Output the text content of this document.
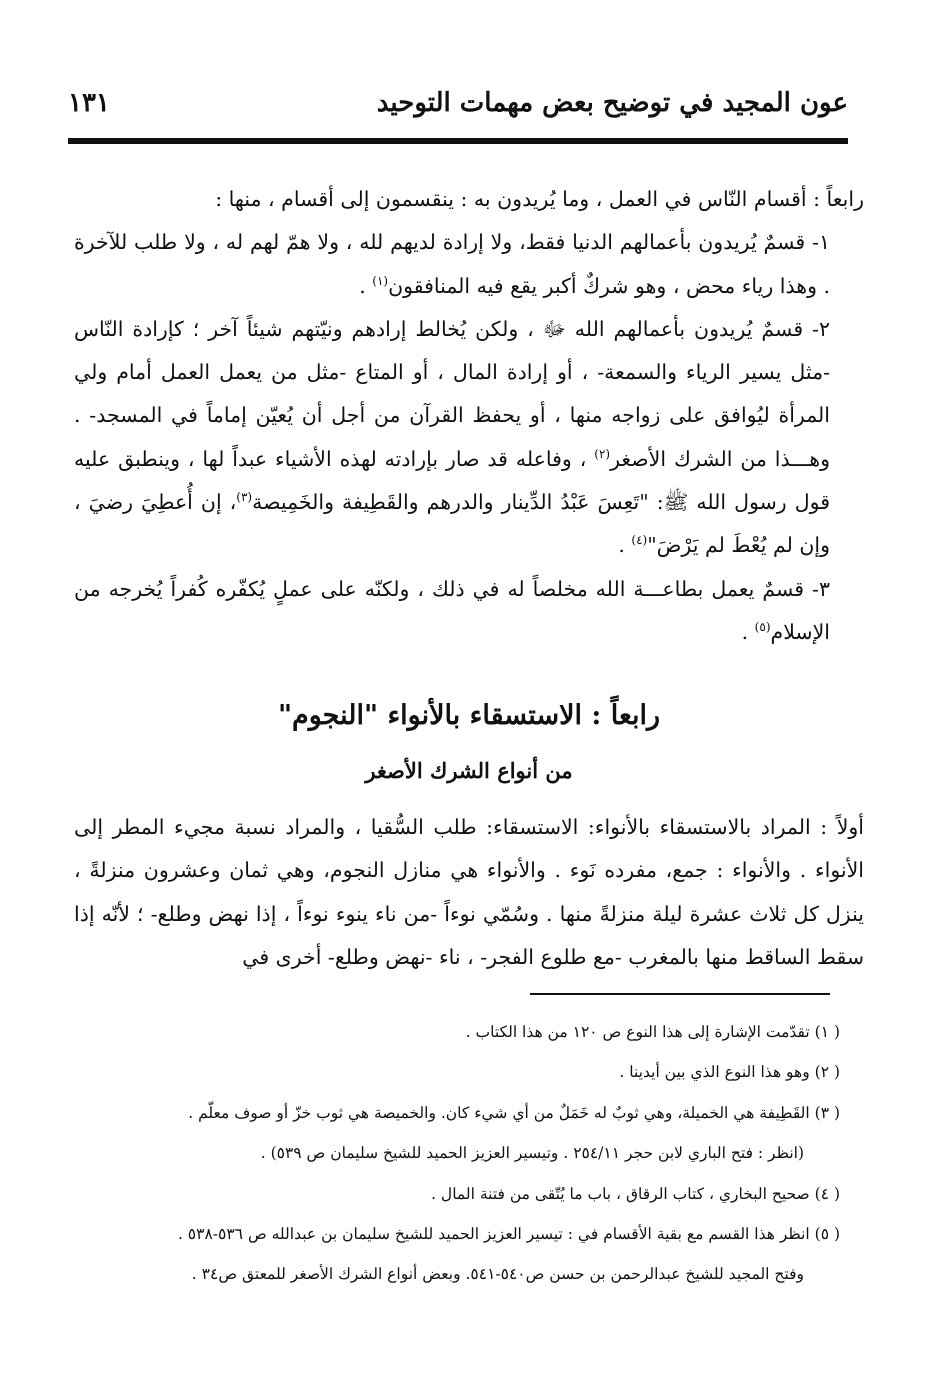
عون المجيد في توضيح بعض مهمات التوحيد
١٣١

رابعاً : أقسام النّاس في العمل ، وما يُريدون به : ينقسمون إلى أقسام ، منها :

١- قسمٌ يُريدون بأعمالهم الدنيا فقط، ولا إرادة لديهم لله ، ولا همّ لهم له ، ولا طلب للآخرة . وهذا رياء محض ، وهو شركٌ أكبر يقع فيه المنافقون$^{(١)}$ .

٢- قسمٌ يُريدون بأعمالهم الله ﷻ ، ولكن يُخالط إرادهم ونيّتهم شيئاً آخر ؛ كإرادة النّاس -مثل يسير الرياء والسمعة- ، أو إرادة المال ، أو المتاع -مثل من يعمل العمل أمام ولي المرأة ليُوافق على زواجه منها ، أو يحفظ القرآن من أجل أن يُعيّن إماماً في المسجد- . وهـــذا من الشرك الأصغر$^{(٢)}$ ، وفاعله قد صار بإرادته لهذه الأشياء عبداً لها ، وينطبق عليه قول رسول الله ﷺ: "تَعِسَ عَبْدُ الدِّينار والدرهم والقَطِيفة والخَمِيصة$^{(٣)}$، إن أُعطِيَ رضيَ ، وإن لم يُعْطَ لم يَرْضَ"$^{(٤)}$ .

٣- قسمٌ يعمل بطاعـــة الله مخلصاً له في ذلك ، ولكنّه على عملٍ يُكفّره كُفراً يُخرجه من الإسلام$^{(٥)}$ .

رابعاً : الاستسقاء بالأنواء "النجوم"
من أنواع الشرك الأصغر

أولاً : المراد بالاستسقاء بالأنواء: الاستسقاء: طلب السُّقيا ، والمراد نسبة مجيء المطر إلى الأنواء . والأنواء : جمع، مفرده نَوء . والأنواء هي منازل النجوم، وهي ثمان وعشرون منزلةً ، ينزل كل ثلاث عشرة ليلة منزلةً منها . وسُمّي نوءاً -من ناء ينوء نوءاً ، إذا نهض وطلع- ؛ لأنّه إذا سقط الساقط منها بالمغرب -مع طلوع الفجر- ، ناء -نهض وطلع- أخرى في

( ١) تقدّمت الإشارة إلى هذا النوع ص ١٢٠ من هذا الكتاب .

( ٢) وهو هذا النوع الذي بين أيدينا .

( ٣) القَطِيفة هي الخميلة، وهي ثوبٌ له خَمَلٌ من أي شيء كان. والخميصة هي ثوب خزّ أو صوف معلّم .

(انظر : فتح الباري لابن حجر ٢٥٤/١١ . وتيسير العزيز الحميد للشيخ سليمان ص ٥٣٩) .

( ٤) صحيح البخاري ، كتاب الرقاق ، باب ما يُتّقى من فتنة المال .

( ٥) انظر هذا القسم مع بقية الأقسام في : تيسير العزيز الحميد للشيخ سليمان بن عبدالله ص ٥٣٦-٥٣٨ .

وفتح المجيد للشيخ عبدالرحمن بن حسن ص٥٤٠-٥٤١. وبعض أنواع الشرك الأصغر للمعتق ص٣٤ .
